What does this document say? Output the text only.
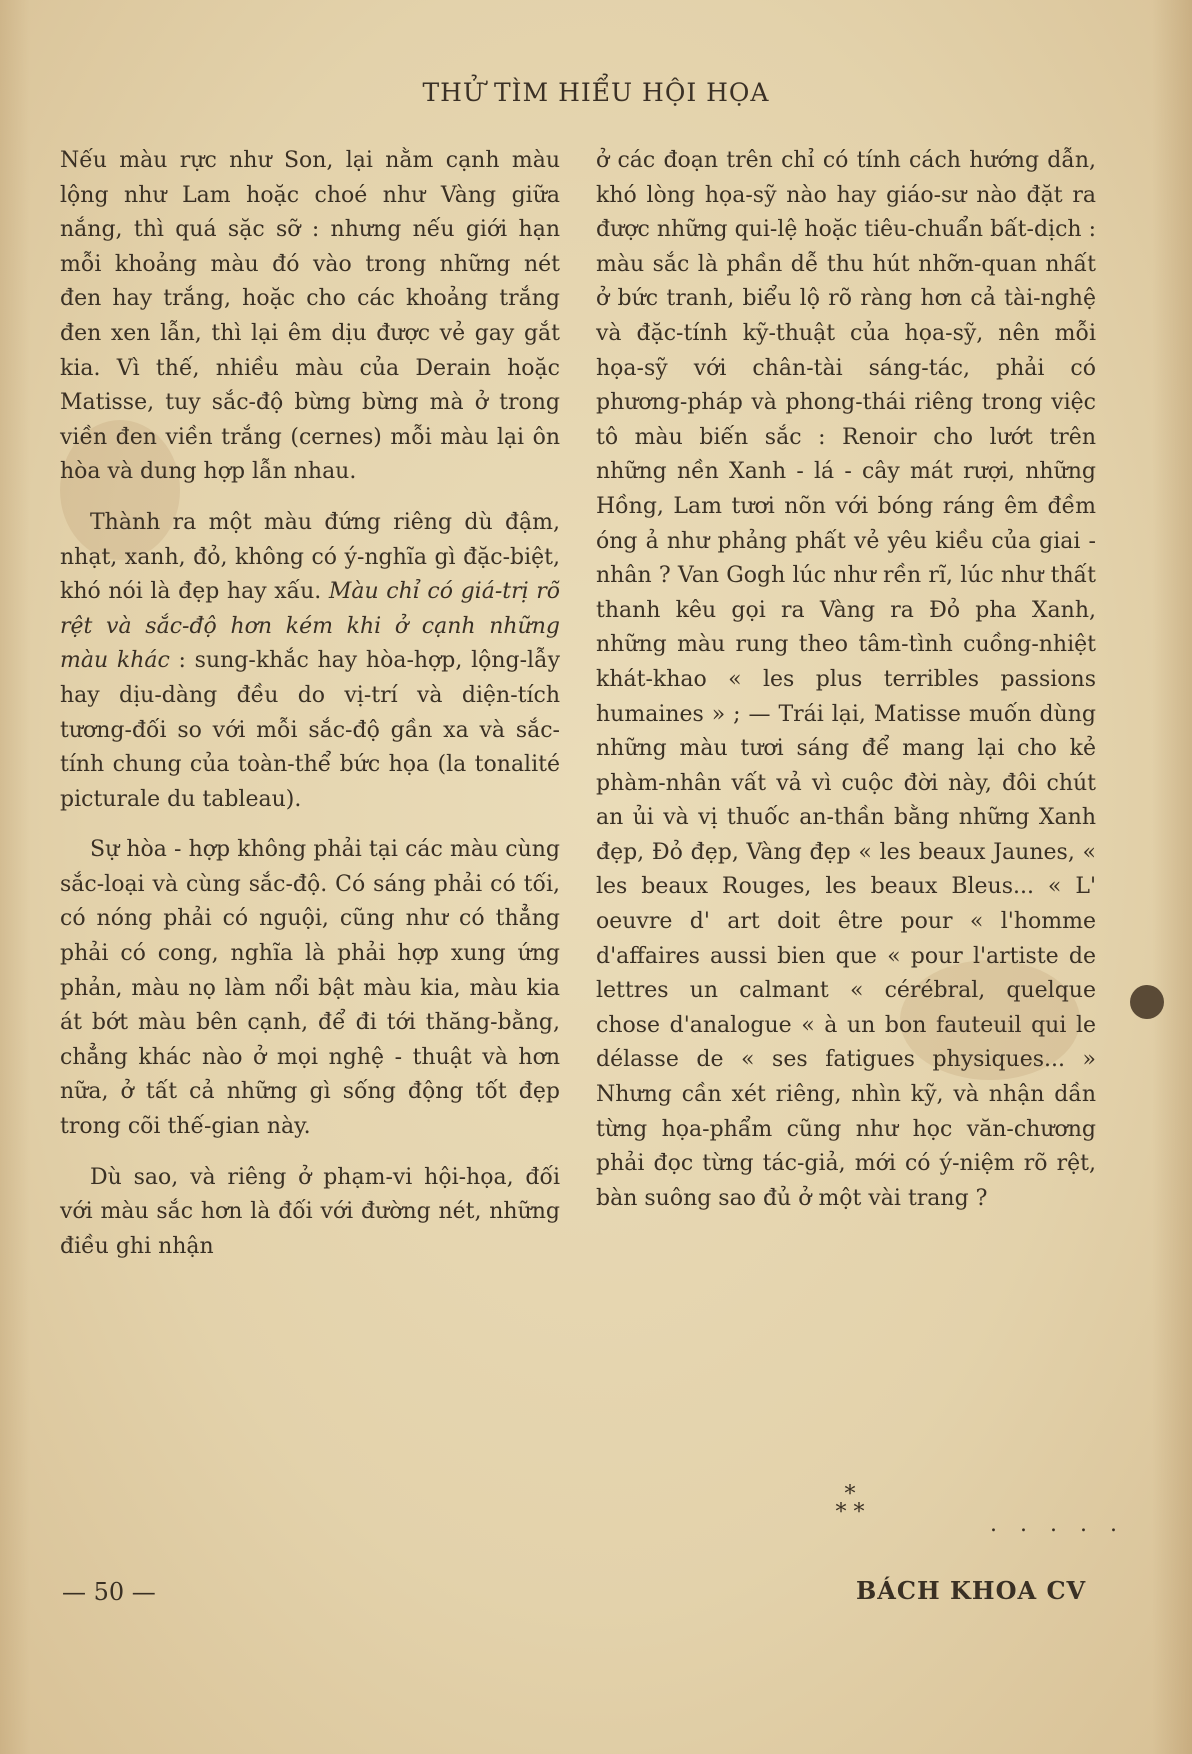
THỬ TÌM HIỂU HỘI HỌA

Nếu màu rực như Son, lại nằm cạnh màu lộng như Lam hoặc choé như Vàng giữa nắng, thì quá sặc sỡ : nhưng nếu giới hạn mỗi khoảng màu đó vào trong những nét đen hay trắng, hoặc cho các khoảng trắng đen xen lẫn, thì lại êm dịu được vẻ gay gắt kia. Vì thế, nhiều màu của Derain hoặc Matisse, tuy sắc-độ bừng bừng mà ở trong viền đen viền trắng (cernes) mỗi màu lại ôn hòa và dung hợp lẫn nhau.

Thành ra một màu đứng riêng dù đậm, nhạt, xanh, đỏ, không có ý-nghĩa gì đặc-biệt, khó nói là đẹp hay xấu. Màu chỉ có giá-trị rõ rệt và sắc-độ hơn kém khi ở cạnh những màu khác : sung-khắc hay hòa-hợp, lộng-lẫy hay dịu-dàng đều do vị-trí và diện-tích tương-đối so với mỗi sắc-độ gần xa và sắc-tính chung của toàn-thể bức họa (la tonalité picturale du tableau).

Sự hòa - hợp không phải tại các màu cùng sắc-loại và cùng sắc-độ. Có sáng phải có tối, có nóng phải có nguội, cũng như có thẳng phải có cong, nghĩa là phải hợp xung ứng phản, màu nọ làm nổi bật màu kia, màu kia át bớt màu bên cạnh, để đi tới thăng-bằng, chẳng khác nào ở mọi nghệ - thuật và hơn nữa, ở tất cả những gì sống động tốt đẹp trong cõi thế-gian này.

Dù sao, và riêng ở phạm-vi hội-họa, đối với màu sắc hơn là đối với đường nét, những điều ghi nhận

ở các đoạn trên chỉ có tính cách hướng dẫn, khó lòng họa-sỹ nào hay giáo-sư nào đặt ra được những qui-lệ hoặc tiêu-chuẩn bất-dịch : màu sắc là phần dễ thu hút nhỡn-quan nhất ở bức tranh, biểu lộ rõ ràng hơn cả tài-nghệ và đặc-tính kỹ-thuật của họa-sỹ, nên mỗi họa-sỹ với chân-tài sáng-tác, phải có phương-pháp và phong-thái riêng trong việc tô màu biến sắc : Renoir cho lướt trên những nền Xanh - lá - cây mát rượi, những Hồng, Lam tươi nõn với bóng ráng êm đềm óng ả như phảng phất vẻ yêu kiều của giai - nhân ? Van Gogh lúc như rền rĩ, lúc như thất thanh kêu gọi ra Vàng ra Đỏ pha Xanh, những màu rung theo tâm-tình cuồng-nhiệt khát-khao « les plus terribles passions humaines » ; — Trái lại, Matisse muốn dùng những màu tươi sáng để mang lại cho kẻ phàm-nhân vất vả vì cuộc đời này, đôi chút an ủi và vị thuốc an-thần bằng những Xanh đẹp, Đỏ đẹp, Vàng đẹp « les beaux Jaunes, « les beaux Rouges, les beaux Bleus... « L' oeuvre d' art doit être pour « l'homme d'affaires aussi bien que « pour l'artiste de lettres un calmant « cérébral, quelque chose d'analogue « à un bon fauteuil qui le délasse de « ses fatigues physiques... » Nhưng cần xét riêng, nhìn kỹ, và nhận dần từng họa-phẩm cũng như học văn-chương phải đọc từng tác-giả, mới có ý-niệm rõ rệt, bàn suông sao đủ ở một vài trang ?

*
* *	. . . . .
— 50 —	BÁCH KHOA CV
